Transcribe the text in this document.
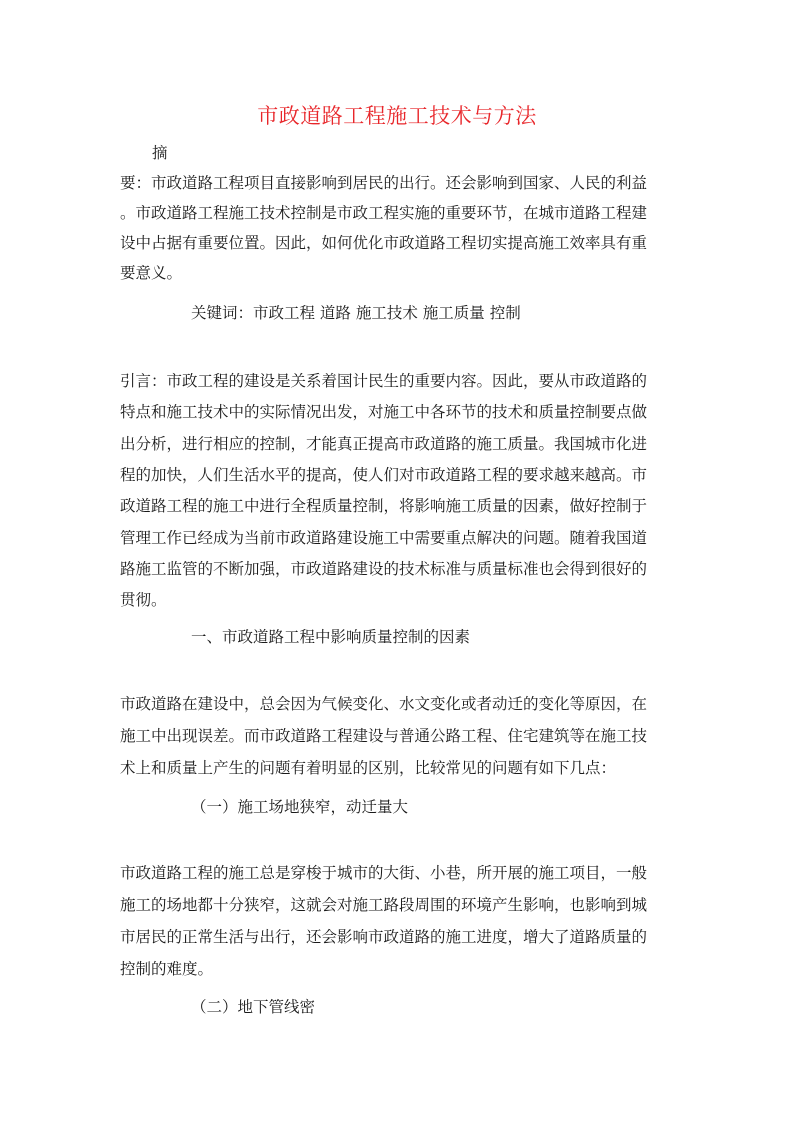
市政道路工程施工技术与方法
摘
要：市政道路工程项目直接影响到居民的出行。还会影响到国家、人民的利益
。市政道路工程施工技术控制是市政工程实施的重要环节，在城市道路工程建
设中占据有重要位置。因此，如何优化市政道路工程切实提高施工效率具有重
要意义。
关键词：市政工程 道路 施工技术 施工质量 控制
引言：市政工程的建设是关系着国计民生的重要内容。因此，要从市政道路的
特点和施工技术中的实际情况出发，对施工中各环节的技术和质量控制要点做
出分析，进行相应的控制，才能真正提高市政道路的施工质量。我国城市化进
程的加快，人们生活水平的提高，使人们对市政道路工程的要求越来越高。市
政道路工程的施工中进行全程质量控制，将影响施工质量的因素，做好控制于
管理工作已经成为当前市政道路建设施工中需要重点解决的问题。随着我国道
路施工监管的不断加强，市政道路建设的技术标准与质量标准也会得到很好的
贯彻。
一、市政道路工程中影响质量控制的因素
市政道路在建设中，总会因为气候变化、水文变化或者动迁的变化等原因，在
施工中出现误差。而市政道路工程建设与普通公路工程、住宅建筑等在施工技
术上和质量上产生的问题有着明显的区别，比较常见的问题有如下几点：
（一）施工场地狭窄，动迁量大
市政道路工程的施工总是穿梭于城市的大街、小巷，所开展的施工项目，一般
施工的场地都十分狭窄，这就会对施工路段周围的环境产生影响，也影响到城
市居民的正常生活与出行，还会影响市政道路的施工进度，增大了道路质量的
控制的难度。
（二）地下管线密
